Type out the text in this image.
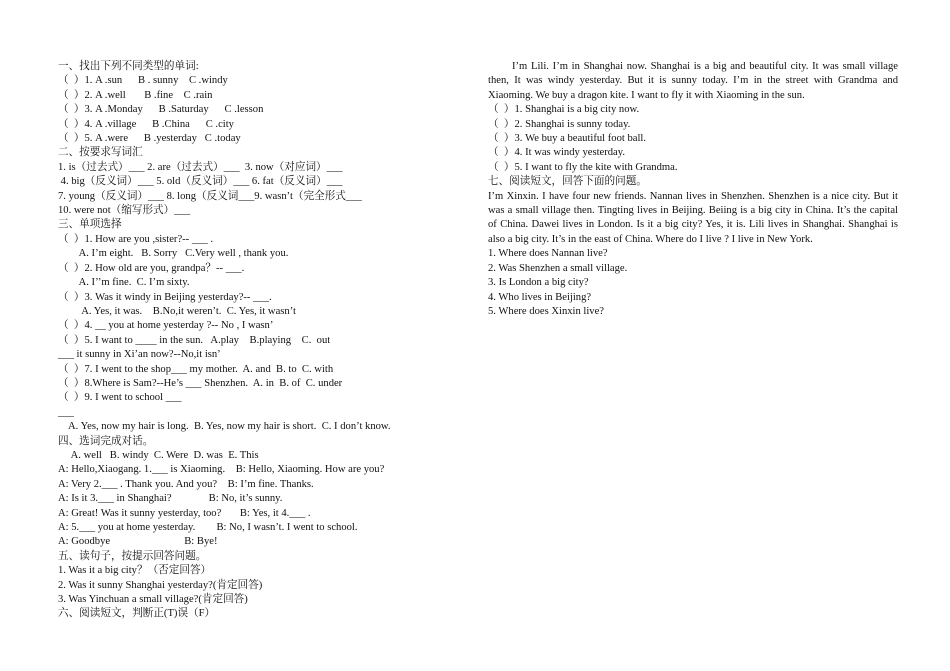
一、找出下列不同类型的单词:
（  ）1. A .sun      B . sunny    C .windy
（  ）2. A .well       B .fine    C .rain
（  ）3. A .Monday      B .Saturday      C .lesson
（  ）4. A .village      B .China      C .city
（  ）5. A .were      B .yesterday   C .today
二、按要求写词汇
1. is（过去式）___ 2. are（过去式）___  3. now（对应词）___
4. big（反义词）___ 5. old（反义词）___ 6. fat（反义词）___
7. young（反义词）___ 8. long（反义词___9. wasn’t（完全形式___
10. were not（缩写形式）___
三、单项选择
（  ）1. How are you ,sister?-- ___ .
A. I’m eight.   B. Sorry   C.Very well , thank you.
（  ）2. How old are you, grandpa？-- ___.
A. I’’m fine.  C. I’m sixty.
（  ）3. Was it windy in Beijing yesterday?-- ___.
A. Yes, it was.    B.No,it weren’t.  C. Yes, it wasn’t
（  ）4. __ you at home yesterday ?-- No , I wasn’
（  ）5. I want to ____ in the sun.   A.play    B.playing    C.  out
___ it sunny in Xi’an now?--No,it isn’
（  ）7. I went to the shop___ my mother.  A. and  B. to  C. with
（  ）8.Where is Sam?--He’s ___ Shenzhen.  A. in  B. of  C. under
（  ）9. I went to school ___
___
A. Yes, now my hair is long.  B. Yes, now my hair is short.  C. I don’t know.
四、选词完成对话。
A. well   B. windy  C. Were  D. was  E. This
A: Hello,Xiaogang. 1.___ is Xiaoming.    B: Hello, Xiaoming. How are you?
A: Very 2.___ . Thank you. And you?    B: I’m fine. Thanks.
A: Is it 3.___ in Shanghai?              B: No, it’s sunny.
A: Great! Was it sunny yesterday, too?       B: Yes, it 4.___ .
A: 5.___ you at home yesterday.        B: No, I wasn’t. I went to school.
A: Goodbye                            B: Bye!
五、读句子，按提示回答问题。
1. Was it a big city？（否定回答）
2. Was it sunny Shanghai yesterday?(肯定回答)
3. Was Yinchuan a small village?(肯定回答)
六、阅读短文，判断正(T)误（F）
I’m Lili. I’m in Shanghai now. Shanghai is a big and beautiful city. It was small village then, It was windy yesterday. But it is sunny today. I’m in the street with Grandma and Xiaoming. We buy a dragon kite. I want to fly it with Xiaoming in the sun.
（  ）1. Shanghai is a big city now.
（  ）2. Shanghai is sunny today.
（  ）3. We buy a beautiful foot ball.
（  ）4. It was windy yesterday.
（  ）5. I want to fly the kite with Grandma.
七、阅读短文，回答下面的问题。
I’m Xinxin. I have four new friends. Nannan lives in Shenzhen. Shenzhen is a nice city. But it was a small village then. Tingting lives in Beijing. Beiing is a big city in China. It’s the capital of China. Dawei lives in London. Is it a big city? Yes, it is. Lili lives in Shanghai. Shanghai is also a big city. It’s in the east of China. Where do I live ? I live in New York.
1. Where does Nannan live?
2. Was Shenzhen a small village.
3. Is London a big city?
4. Who lives in Beijing?
5. Where does Xinxin live?
